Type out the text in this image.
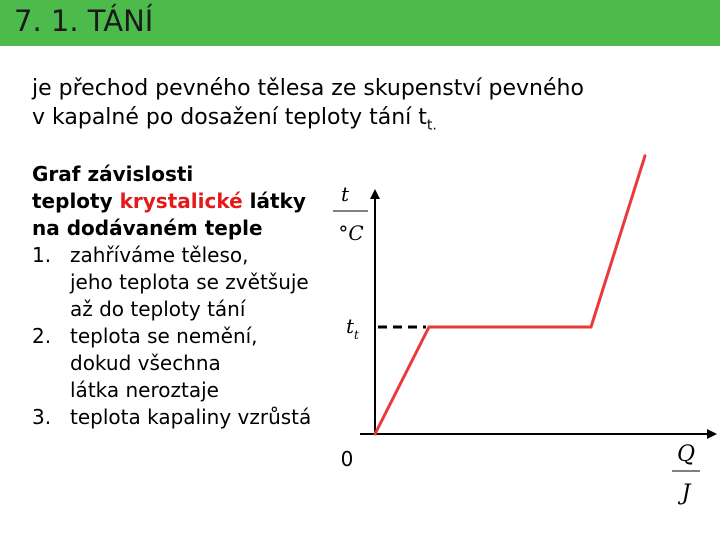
7. 1. TÁNÍ
je přechod pevného tělesa ze skupenství pevného
v kapalné po dosažení teploty tání $t_{t.}$
Graf závislosti
teploty krystalické látky
na dodávaném teple
1. zahříváme těleso,
jeho teplota se zvětšuje
až do teploty tání
2. teplota se nemění,
dokud všechna
látka neroztaje
3. teplota kapaliny vzrůstá
t
°C
Q
J
$t_t$
0
